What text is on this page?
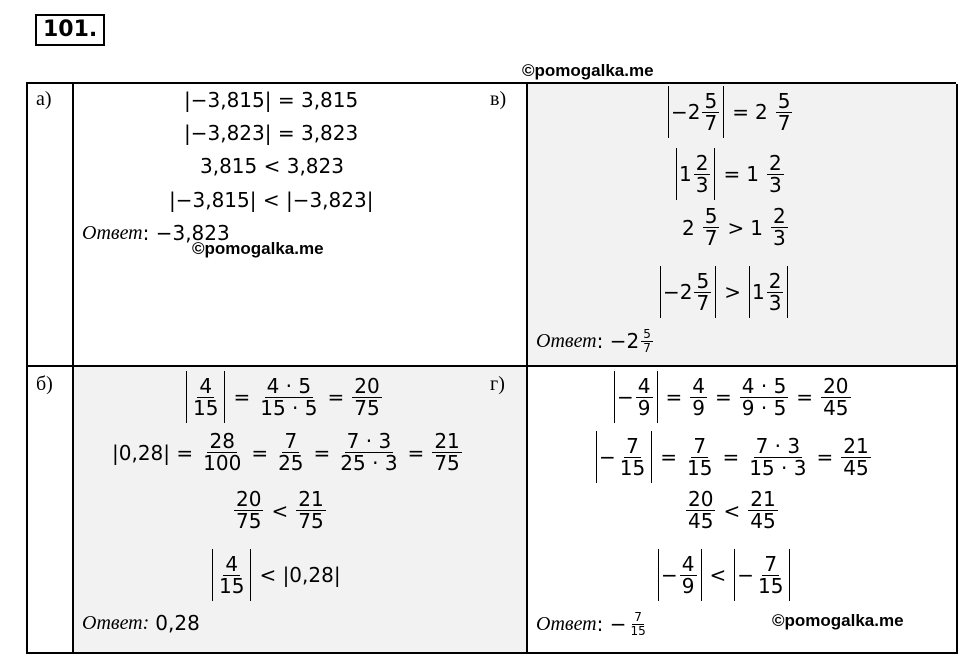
101.
©pomogalka.me
а)	|−3,815| = 3,815
|−3,823| = 3,823
3,815 < 3,823
|−3,815| < |−3,823|
Ответ : −3,823
©pomogalka.me
в)
$-2 \frac{5}{7} = 2 \frac{5}{7}$
$1 \frac{2}{3} = 1 \frac{2}{3}$
$2 \frac{5}{7} > 1 \frac{2}{3}$
$-2 \frac{5}{7} > 1 \frac{2}{3}$
Ответ : $-2 \frac{5}{7}$
б)	$\frac{4}{15} = \frac{4 \cdot 5}{15 \cdot 5} = \frac{20}{75}$
$|0,28| = \frac{28}{100} = \frac{7}{25} = \frac{7 \cdot 3}{25 \cdot 3} = \frac{21}{75}$
$\frac{20}{75} < \frac{21}{75}$
$\frac{4}{15} < |0,28|$
Ответ: 0,28
г)
− $\frac{4}{9} = \frac{4}{9} = \frac{4 \cdot 5}{9 \cdot 5} = \frac{20}{45}$
− $\frac{7}{15} = \frac{7}{15} = \frac{7 \cdot 3}{15 \cdot 3} = \frac{21}{45}$
$\frac{20}{45} < \frac{21}{45}$
− $\frac{4}{9}$ < − $\frac{7}{15}$
Ответ : − $\frac{7}{15}$	©pomogalka.me
